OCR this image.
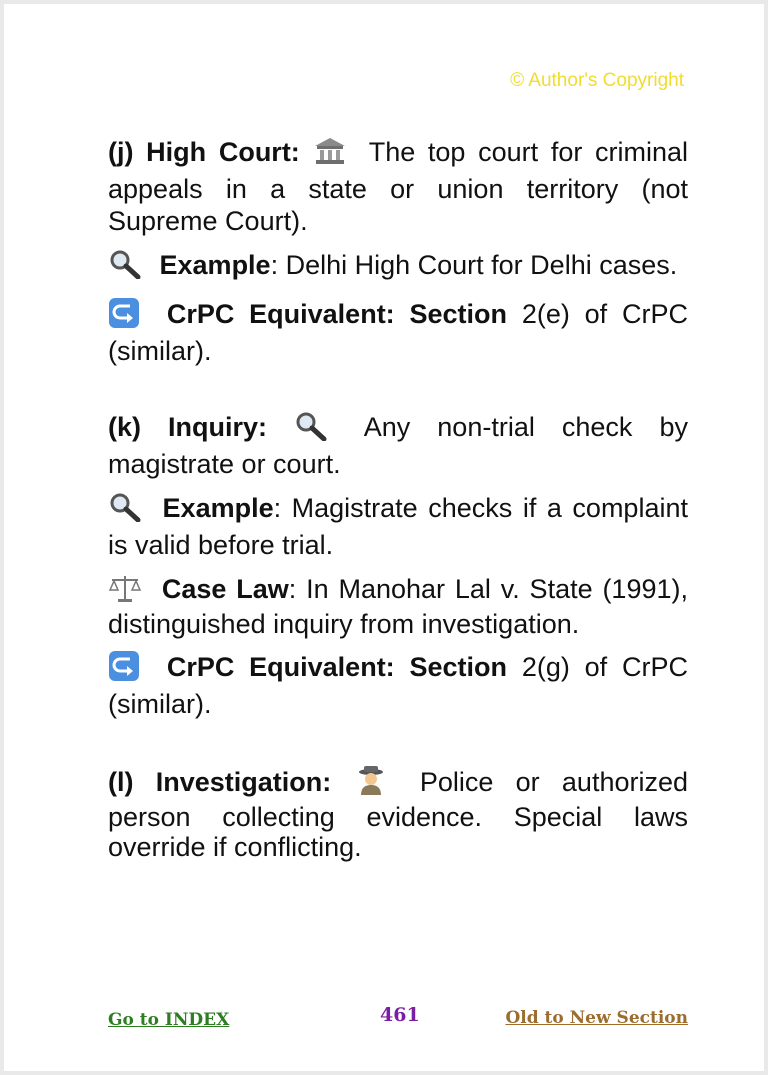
© Author's Copyright
(j) High Court:	The top court for criminal appeals in a state or union territory (not Supreme Court).
Example: Delhi High Court for Delhi cases.
CrPC Equivalent: Section 2(e) of CrPC (similar).
(k) Inquiry:	Any non-trial check by magistrate or court.
Example: Magistrate checks if a complaint is valid before trial.
Case Law: In Manohar Lal v. State (1991), distinguished inquiry from investigation.
CrPC Equivalent: Section 2(g) of CrPC (similar).
(l) Investigation:	Police or authorized person collecting evidence. Special laws override if conflicting.
Go to INDEX	461	Old to New Section
